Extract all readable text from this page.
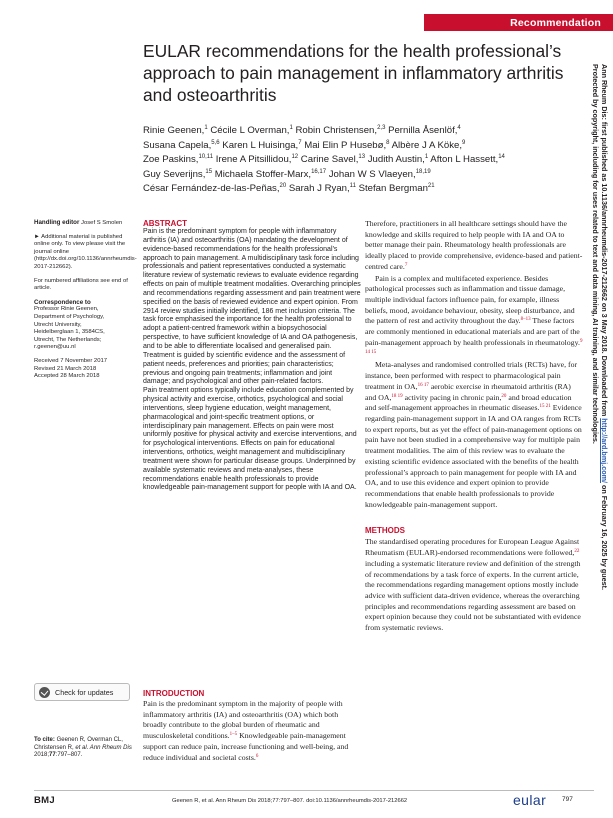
Recommendation
EULAR recommendations for the health professional’s approach to pain management in inflammatory arthritis and osteoarthritis
Rinie Geenen,$^1$ Cécile L Overman,$^1$ Robin Christensen,$^{2,3}$ Pernilla Åsenlöf,$^4$
Susana Capela,$^{5,6}$ Karen L Huisinga,$^7$ Mai Elin P Husebø,$^8$ Albère J A Köke,$^9$
Zoe Paskins,$^{10,11}$ Irene A Pitsillidou,$^{12}$ Carine Savel,$^{13}$ Judith Austin,$^1$ Afton L Hassett,$^{14}$
Guy Severijns,$^{15}$ Michaela Stoffer-Marx,$^{16,17}$ Johan W S Vlaeyen,$^{18,19}$
César Fernández-de-las-Peñas,$^{20}$ Sarah J Ryan,$^{11}$ Stefan Bergman$^{21}$
Handling editor Josef S Smolen
► Additional material is published online only. To view please visit the journal online (http://dx.doi.org/10.1136/annrheumdis-2017-212662).
For numbered affiliations see end of article.
Correspondence to
Professor Rinie Geenen,
Department of Psychology,
Utrecht University,
Heidelberglaan 1, 3584CS,
Utrecht, The Netherlands;
r.geenen@uu.nl
Received 7 November 2017
Revised 21 March 2018
Accepted 28 March 2018
ABSTRACT

Pain is the predominant symptom for people with inflammatory arthritis (IA) and osteoarthritis (OA) mandating the development of evidence-based recommendations for the health professional’s approach to pain management. A multidisciplinary task force including professionals and patient representatives conducted a systematic literature review of systematic reviews to evaluate evidence regarding effects on pain of multiple treatment modalities. Overarching principles and recommendations regarding assessment and pain treatment were specified on the basis of reviewed evidence and expert opinion. From 2914 review studies initially identified, 186 met inclusion criteria. The task force emphasised the importance for the health professional to adopt a patient-centred framework within a biopsychosocial perspective, to have sufficient knowledge of IA and OA pathogenesis, and to be able to differentiate localised and generalised pain. Treatment is guided by scientific evidence and the assessment of patient needs, preferences and priorities; pain characteristics; previous and ongoing pain treatments; inflammation and joint damage; and psychological and other pain-related factors.

Pain treatment options typically include education complemented by physical activity and exercise, orthotics, psychological and social interventions, sleep hygiene education, weight management, pharmacological and joint-specific treatment options, or interdisciplinary pain management. Effects on pain were most uniformly positive for physical activity and exercise interventions, and for psychological interventions. Effects on pain for educational interventions, orthotics, weight management and multidisciplinary treatment were shown for particular disease groups. Underpinned by available systematic reviews and meta-analyses, these recommendations enable health professionals to provide knowledgeable pain-management support for people with IA and OA.

INTRODUCTION

Pain is the predominant symptom in the majority of people with inflammatory arthritis (IA) and osteoarthritis (OA) which both broadly contribute to the global burden of rheumatic and musculoskeletal conditions.$^{1-5}$ Knowledgeable pain-management support can reduce pain, increase functioning and well-being, and reduce individual and societal costs.$^6$

Therefore, practitioners in all healthcare settings should have the knowledge and skills required to help people with IA and OA to better manage their pain. Rheumatology health professionals are ideally placed to provide comprehensive, evidence-based and patient-centred care.$^7$

Pain is a complex and multifaceted experience. Besides pathological processes such as inflammation and tissue damage, multiple individual factors influence pain, for example, illness beliefs, mood, avoidance behaviour, obesity, sleep disturbance, and the pattern of rest and activity throughout the day.$^{8-13}$ These factors are commonly mentioned in educational materials and are part of the pain-management approach by health professionals in rheumatology.$^{9 14 15}$

Meta-analyses and randomised controlled trials (RCTs) have, for instance, been performed with respect to pharmacological pain treatment in OA,$^{16 17}$ aerobic exercise in rheumatoid arthritis (RA) and OA,$^{18 19}$ activity pacing in chronic pain,$^{20}$ and broad education and self-management approaches in rheumatic diseases.$^{15 21}$ Evidence regarding pain-management support in IA and OA ranges from RCTs to expert reports, but as yet the effect of pain-management options on pain have not been studied in a comprehensive way for multiple pain treatment modalities. The aim of this review was to evaluate the existing scientific evidence associated with the benefits of the health professional’s approach to pain management for people with IA and OA, and to use this evidence and expert opinion to provide recommendations that enable health professionals to provide knowledgeable pain-management support.

METHODS

The standardised operating procedures for European League Against Rheumatism (EULAR)-endorsed recommendations were followed,$^{22}$ including a systematic literature review and definition of the strength of recommendations by a task force of experts. In the current article, the recommendations regarding management options mostly include advice with sufficient data-driven evidence, whereas the overarching principles and recommendations regarding assessment are based on expert opinion because they could not be substantiated with evidence from systematic reviews.

Ann Rheum Dis: first published as 10.1136/annrheumdis-2017-212662 on 3 May 2018. Downloaded from http://ard.bmj.com/ on February 16, 2025 by guest.
Protected by copyright, including for uses related to text and data mining, AI training, and similar technologies.
Check for updates
To cite: Geenen R, Overman CL, Christensen R, et al. Ann Rheum Dis 2018;77:797–807.
BMJ	Geenen R, et al. Ann Rheum Dis 2018;77:797–807. doi:10.1136/annrheumdis-2017-212662	eular 797
